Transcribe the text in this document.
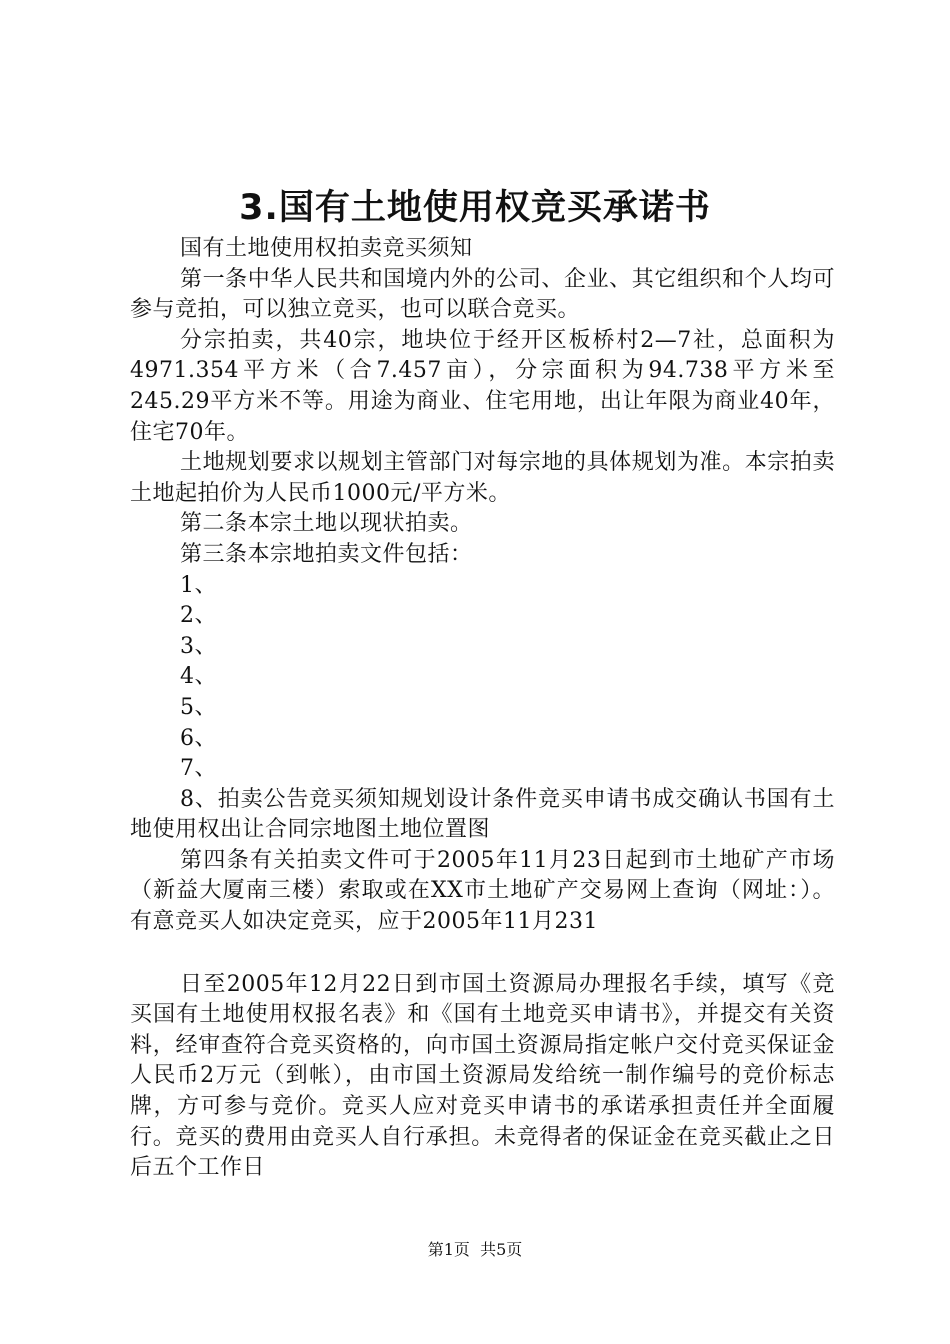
3.国有土地使用权竞买承诺书

国有土地使用权拍卖竞买须知

第一条中华人民共和国境内外的公司、企业、其它组织和个人均可参与竞拍，可以独立竞买，也可以联合竞买。

分宗拍卖，共40宗，地块位于经开区板桥村2—7社，总面积为4971.354平方米（合7.457亩），分宗面积为94.738平方米至245.29平方米不等。用途为商业、住宅用地，出让年限为商业40年，住宅70年。

土地规划要求以规划主管部门对每宗地的具体规划为准。本宗拍卖土地起拍价为人民币1000元/平方米。

第二条本宗土地以现状拍卖。

第三条本宗地拍卖文件包括：

1、

2、

3、

4、

5、

6、

7、

8、拍卖公告竞买须知规划设计条件竞买申请书成交确认书国有土地使用权出让合同宗地图土地位置图

第四条有关拍卖文件可于2005年11月23日起到市土地矿产市场（新益大厦南三楼）索取或在XX市土地矿产交易网上查询（网址：）。有意竞买人如决定竞买，应于2005年11月231

日至2005年12月22日到市国土资源局办理报名手续，填写《竞买国有土地使用权报名表》和《国有土地竞买申请书》，并提交有关资料，经审查符合竞买资格的，向市国土资源局指定帐户交付竞买保证金人民币2万元（到帐），由市国土资源局发给统一制作编号的竞价标志牌，方可参与竞价。竞买人应对竞买申请书的承诺承担责任并全面履行。竞买的费用由竞买人自行承担。未竞得者的保证金在竞买截止之日后五个工作日

第1页  共5页
